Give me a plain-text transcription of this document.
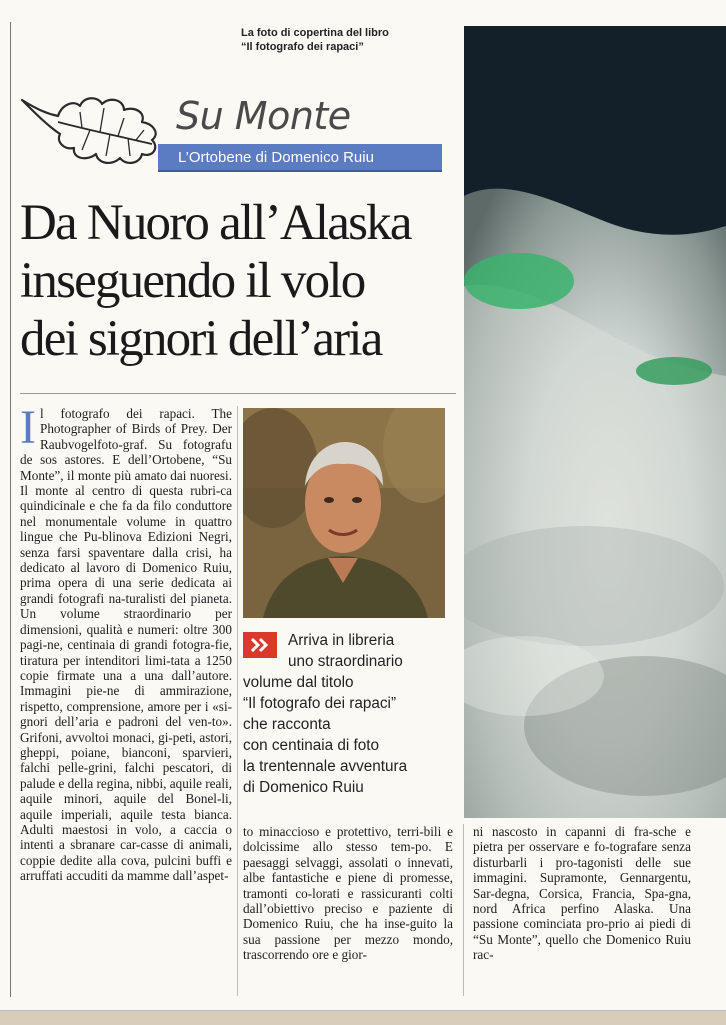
La foto di copertina del libro
“Il fotografo dei rapaci”
Su Monte
L’Ortobene di Domenico Ruiu
Da Nuoro all’Alaska
inseguendo il volo
dei signori dell’aria
I l fotografo dei rapaci. The Photographer of Birds of Prey. Der Raubvogelfoto-graf. Su fotografu de sos astores. E dell’Ortobene, “Su Monte”, il monte più amato dai nuoresi. Il monte al centro di questa rubri-ca quindicinale e che fa da filo conduttore nel monumentale volume in quattro lingue che Pu-blinova Edizioni Negri, senza farsi spaventare dalla crisi, ha dedicato al lavoro di Domenico Ruiu, prima opera di una serie dedicata ai grandi fotografi na-turalisti del pianeta. Un volume straordinario per dimensioni, qualità e numeri: oltre 300 pagi-ne, centinaia di grandi fotogra-fie, tiratura per intenditori limi-tata a 1250 copie firmate una a una dall’autore. Immagini pie-ne di ammirazione, rispetto, comprensione, amore per i «si-gnori dell’aria e padroni del ven-to». Grifoni, avvoltoi monaci, gi-peti, astori, gheppi, poiane, bianconi, sparvieri, falchi pelle-grini, falchi pescatori, di palude e della regina, nibbi, aquile reali, aquile minori, aquile del Bonel-li, aquile imperiali, aquile testa bianca. Adulti maestosi in volo, a caccia o intenti a sbranare car-casse di animali, coppie dedite alla cova, pulcini buffi e arruffati accuditi da mamme dall’aspet-
Arriva in libreria
uno straordinario
volume dal titolo
“Il fotografo dei rapaci”
che racconta
con centinaia di foto
la trentennale avventura
di Domenico Ruiu
to minaccioso e protettivo, terri-bili e dolcissime allo stesso tem-po. E paesaggi selvaggi, assolati o innevati, albe fantastiche e piene di promesse, tramonti co-lorati e rassicuranti colti dall’obiettivo preciso e paziente di Domenico Ruiu, che ha inse-guito la sua passione per mezzo mondo, trascorrendo ore e gior-
ni nascosto in capanni di fra-sche e pietra per osservare e fo-tografare senza disturbarli i pro-tagonisti delle sue immagini. Supramonte, Gennargentu, Sar-degna, Corsica, Francia, Spa-gna, nord Africa perfino Alaska. Una passione cominciata pro-prio ai piedi di “Su Monte”, quello che Domenico Ruiu rac-
